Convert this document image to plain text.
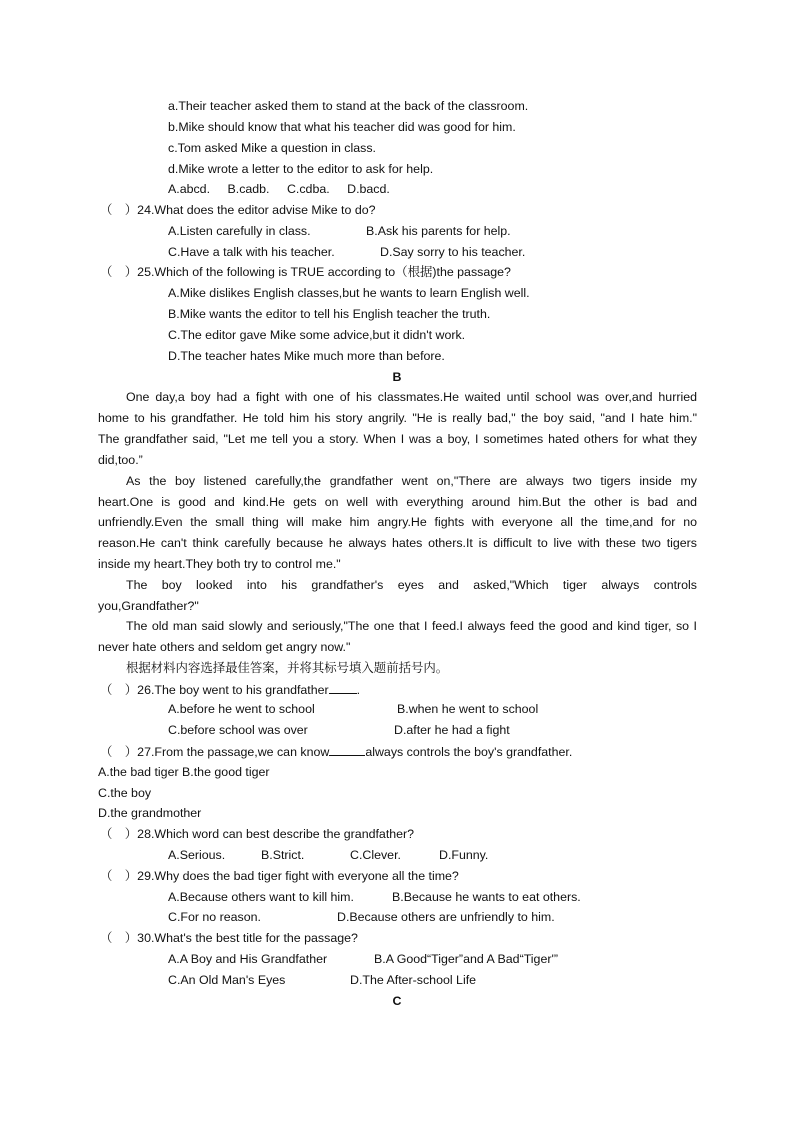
a.Their teacher asked them to stand at the back of the classroom.
b.Mike should know that what his teacher did was good for him.
c.Tom asked Mike a question in class.
d.Mike wrote a letter to the editor to ask for help.
A.abcd. B.cadb. C.cdba. D.bacd.
（　）24.What does the editor advise Mike to do?
A.Listen carefully in class.	B.Ask his parents for help.
C.Have a talk with his teacher.	D.Say sorry to his teacher.
（　）25.Which of the following is TRUE according to（根据)the passage?
A.Mike dislikes English classes,but he wants to learn English well.
B.Mike wants the editor to tell his English teacher the truth.
C.The editor gave Mike some advice,but it didn't work.
D.The teacher hates Mike much more than before.
B
One day,a boy had a fight with one of his classmates.He waited until school was over,and hurried
home to his grandfather. He told him his story angrily. "He is really bad," the boy said, "and I hate him."
The grandfather said, "Let me tell you a story. When I was a boy, I sometimes hated others for what they
did,too.”
As the boy listened carefully,the grandfather went on,"There are always two tigers inside my
heart.One is good and kind.He gets on well with everything around him.But the other is bad and
unfriendly.Even the small thing will make him angry.He fights with everyone all the time,and for no
reason.He can't think carefully because he always hates others.It is difficult to live with these two tigers
inside my heart.They both try to control me."
The boy looked into his grandfather's eyes and asked,"Which tiger always controls
you,Grandfather?"
The old man said slowly and seriously,"The one that I feed.I always feed the good and kind tiger, so I
never hate others and seldom get angry now."
根据材料内容选择最佳答案，并将其标号填入题前括号内。
（　）26.The boy went to his grandfather .
A.before he went to school	B.when he went to school
C.before school was over	D.after he had a fight
（　）27.From the passage,we can know	always controls the boy's grandfather.
A.the bad tiger B.the good tiger
C.the boy
D.the grandmother
（　）28.Which word can best describe the grandfather?
A.Serious.	B.Strict.	C.Clever.	D.Funny.
（　）29.Why does the bad tiger fight with everyone all the time?
A.Because others want to kill him.	B.Because he wants to eat others.
C.For no reason.	D.Because others are unfriendly to him.
（　）30.What's the best title for the passage?
A.A Boy and His Grandfather	B.A Good“Tiger”and A Bad“Tiger'”
C.An Old Man's Eyes	D.The After-school Life
C
